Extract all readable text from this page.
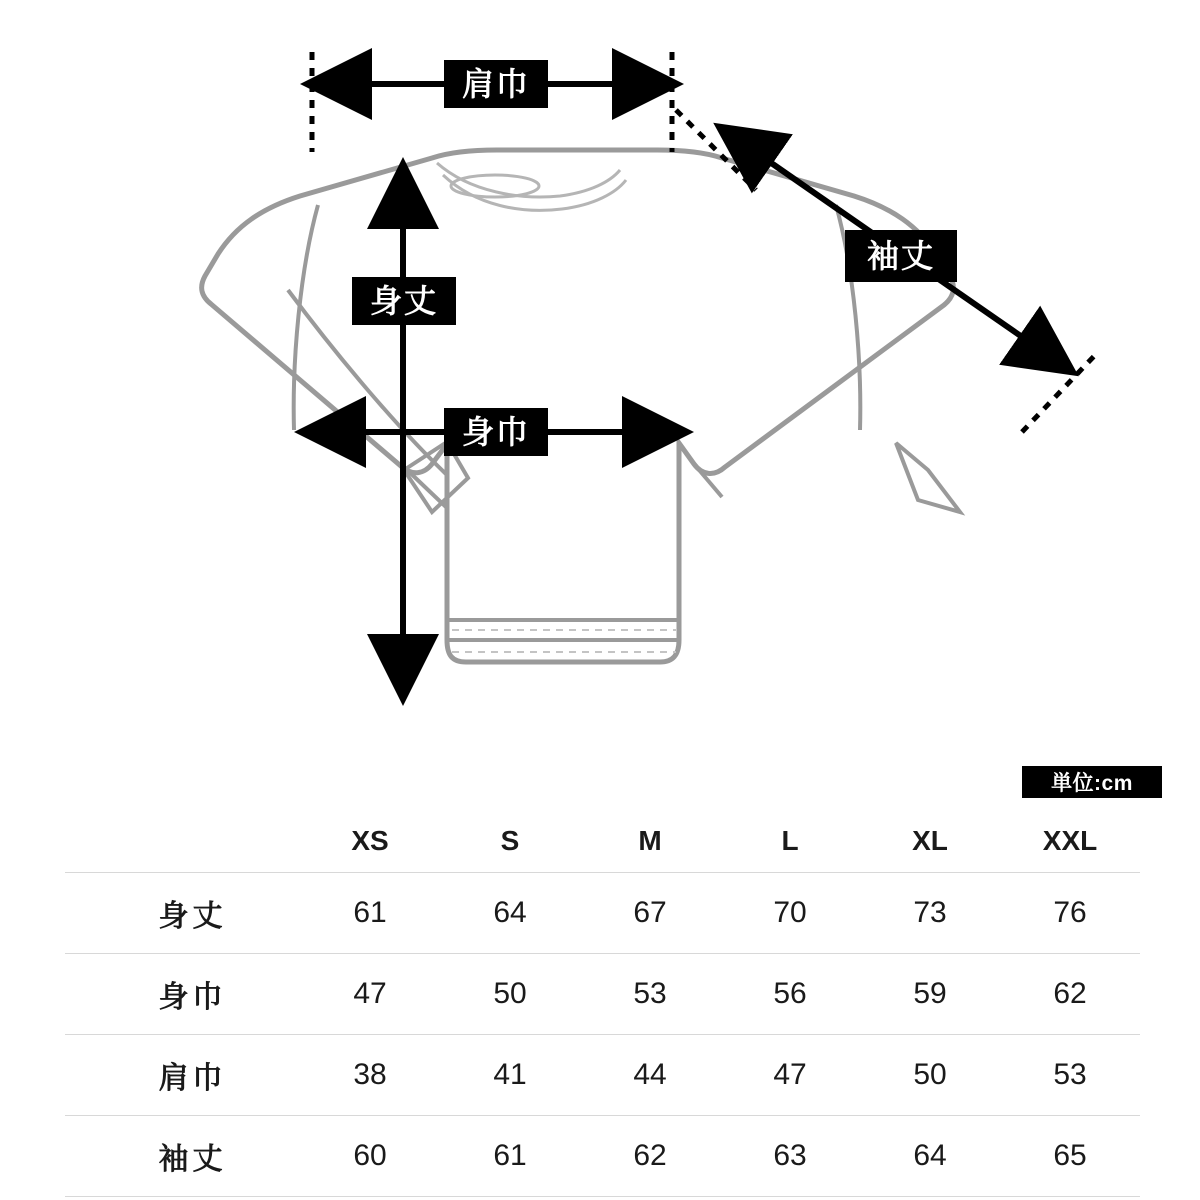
肩巾
身丈
身巾
袖丈
単位:cm
	XS	S	M	L	XL	XXL
身丈	61	64	67	70	73	76
身巾	47	50	53	56	59	62
肩巾	38	41	44	47	50	53
袖丈	60	61	62	63	64	65
